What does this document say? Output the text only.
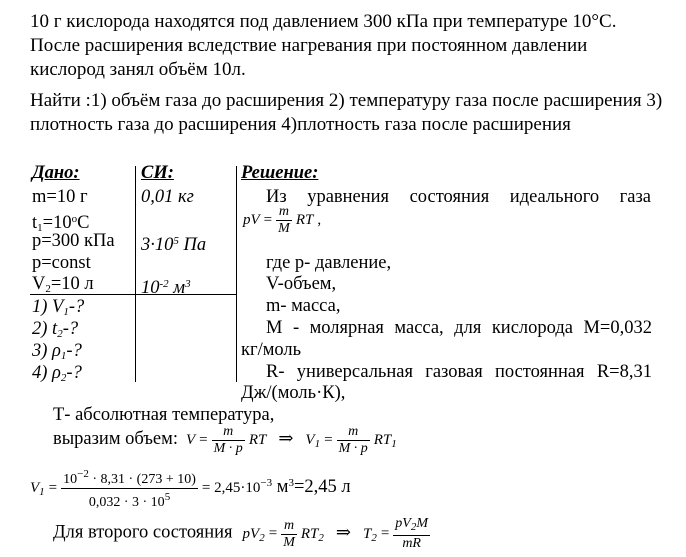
10 г кислорода находятся под давлением 300 кПа при температуре 10°С.
После расширения вследствие нагревания при постоянном давлении
кислород занял объём 10л.
Найти :1) объём газа до расширения 2) температуру газа после расширения 3)
плотность газа до расширения 4)плотность газа после расширения
Дано:	СИ:	Решение:
m=10 г
$t_1=10^oC$
p=300 кПа
p=const
$V_2=10$ л
0,01 кг
$3\cdot 10^5$ Па
$10^{-2}$ $м^3$
1) $V_1-$?
2) $t_2-$?
3) $\rho_1-$?
4) $\rho_2-$?
Из уравнения состояния идеального газа
pV = $\frac{m}{M}$ RT ,
где р- давление,
V-объем,
m- масса,
М - молярная масса, для кислорода М=0,032
кг/моль
R- универсальная газовая постоянная R=8,31
Дж/(моль·К),
Т- абсолютная температура,
выразим объем: $V = \frac{m}{M \cdot p}$ RT ⇒ $V_1 = \frac{m}{M \cdot p} RT_1$
$V_1 = \frac{10^{-2} \cdot 8,31 \cdot (273 + 10)}{0,032 \cdot 3 \cdot 10^5} = 2,45\cdot 10^{-3}$ $м^3=2,45$ л
Для второго состояния $pV_2 = \frac{m}{M} RT_2$ ⇒ $T_2 = \frac{pV_2M}{mR}$
